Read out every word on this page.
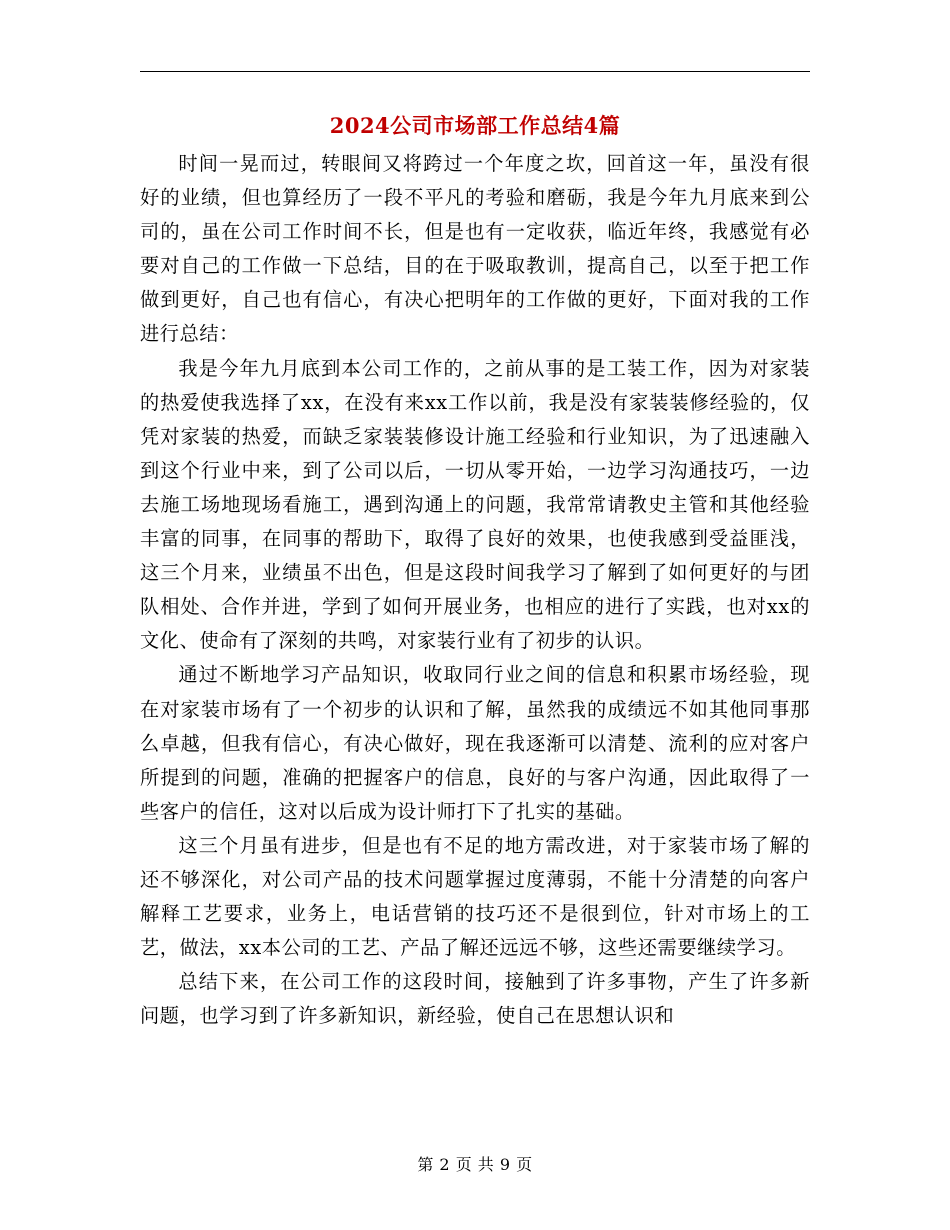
2024公司市场部工作总结4篇

时间一晃而过，转眼间又将跨过一个年度之坎，回首这一年，虽没有很好的业绩，但也算经历了一段不平凡的考验和磨砺，我是今年九月底来到公司的，虽在公司工作时间不长，但是也有一定收获，临近年终，我感觉有必要对自己的工作做一下总结，目的在于吸取教训，提高自己，以至于把工作做到更好，自己也有信心，有决心把明年的工作做的更好，下面对我的工作进行总结：

我是今年九月底到本公司工作的，之前从事的是工装工作，因为对家装的热爱使我选择了xx，在没有来xx工作以前，我是没有家装装修经验的，仅凭对家装的热爱，而缺乏家装装修设计施工经验和行业知识，为了迅速融入到这个行业中来，到了公司以后，一切从零开始，一边学习沟通技巧，一边去施工场地现场看施工，遇到沟通上的问题，我常常请教史主管和其他经验丰富的同事，在同事的帮助下，取得了良好的效果，也使我感到受益匪浅，这三个月来，业绩虽不出色，但是这段时间我学习了解到了如何更好的与团队相处、合作并进，学到了如何开展业务，也相应的进行了实践，也对xx的文化、使命有了深刻的共鸣，对家装行业有了初步的认识。

通过不断地学习产品知识，收取同行业之间的信息和积累市场经验，现在对家装市场有了一个初步的认识和了解，虽然我的成绩远不如其他同事那么卓越，但我有信心，有决心做好，现在我逐渐可以清楚、流利的应对客户所提到的问题，准确的把握客户的信息，良好的与客户沟通，因此取得了一些客户的信任，这对以后成为设计师打下了扎实的基础。

这三个月虽有进步，但是也有不足的地方需改进，对于家装市场了解的还不够深化，对公司产品的技术问题掌握过度薄弱，不能十分清楚的向客户解释工艺要求，业务上，电话营销的技巧还不是很到位，针对市场上的工艺，做法，xx本公司的工艺、产品了解还远远不够，这些还需要继续学习。

总结下来，在公司工作的这段时间，接触到了许多事物，产生了许多新问题，也学习到了许多新知识，新经验，使自己在思想认识和

第 2 页 共 9 页
